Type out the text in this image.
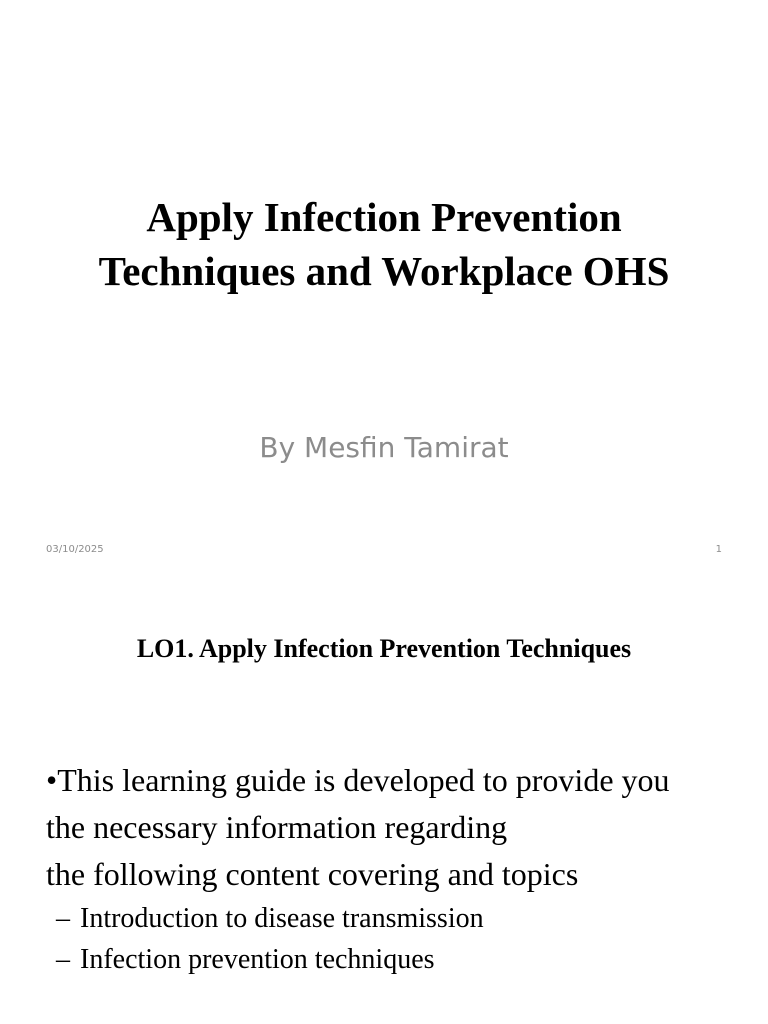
Apply Infection Prevention
Techniques and Workplace OHS
By Mesfin Tamirat
03/10/2025	1
LO1. Apply Infection Prevention Techniques
•This learning guide is developed to provide you
the necessary information regarding
the following content covering and topics
– Introduction to disease transmission
– Infection prevention techniques
